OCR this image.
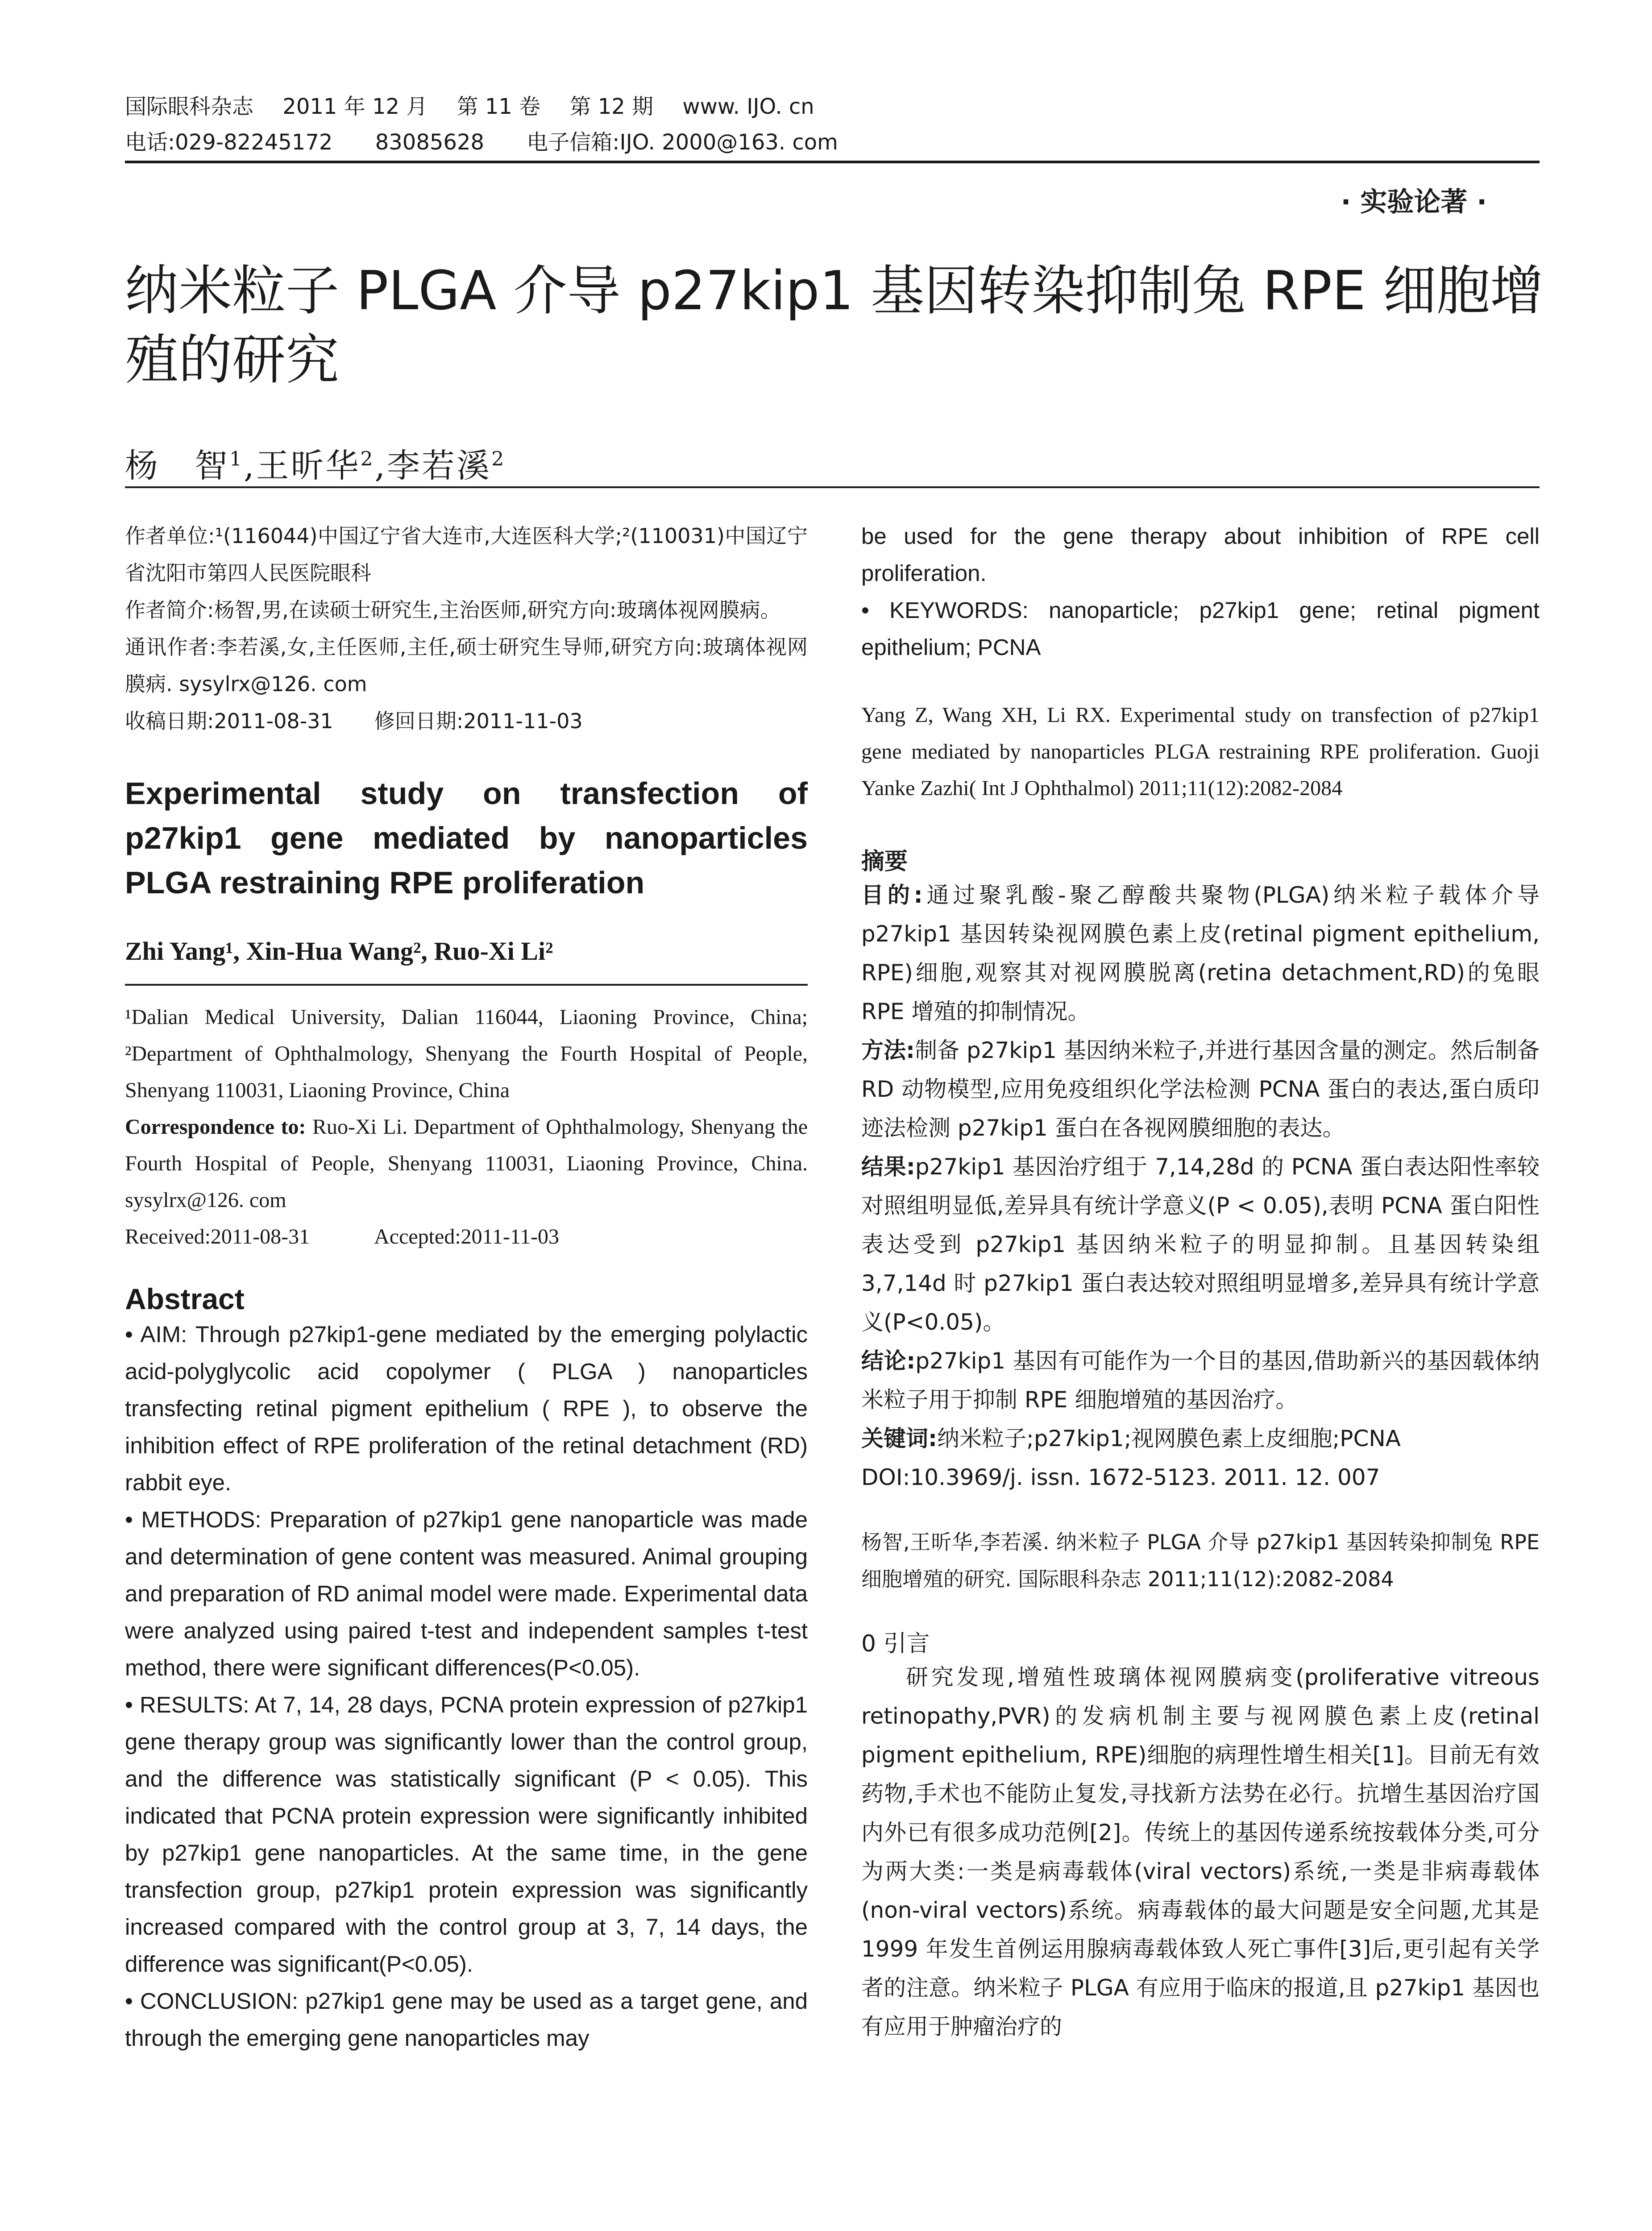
国际眼科杂志 2011 年 12 月 第 11 卷 第 12 期 www. IJO. cn
电话:029-82245172 83085628 电子信箱:IJO. 2000@163. com
· 实验论著 ·
纳米粒子 PLGA 介导 p27kip1 基因转染抑制兔 RPE 细胞增殖的研究
杨　智$^1$,王昕华$^2$,李若溪$^2$

作者单位:¹(116044)中国辽宁省大连市,大连医科大学;²(110031)中国辽宁省沈阳市第四人民医院眼科

作者简介:杨智,男,在读硕士研究生,主治医师,研究方向:玻璃体视网膜病。

通讯作者:李若溪,女,主任医师,主任,硕士研究生导师,研究方向:玻璃体视网膜病. sysylrx@126. com

收稿日期:2011-08-31　　修回日期:2011-11-03

Experimental study on transfection of p27kip1 gene mediated by nanoparticles PLGA restraining RPE proliferation

Zhi Yang¹, Xin-Hua Wang², Ruo-Xi Li²

¹Dalian Medical University, Dalian 116044, Liaoning Province, China; ²Department of Ophthalmology, Shenyang the Fourth Hospital of People, Shenyang 110031, Liaoning Province, China

Correspondence to: Ruo-Xi Li. Department of Ophthalmology, Shenyang the Fourth Hospital of People, Shenyang 110031, Liaoning Province, China. sysylrx@126. com

Received:2011-08-31　　　Accepted:2011-11-03

Abstract

• AIM: Through p27kip1-gene mediated by the emerging polylactic acid-polyglycolic acid copolymer ( PLGA ) nanoparticles transfecting retinal pigment epithelium ( RPE ), to observe the inhibition effect of RPE proliferation of the retinal detachment (RD) rabbit eye.

• METHODS: Preparation of p27kip1 gene nanoparticle was made and determination of gene content was measured. Animal grouping and preparation of RD animal model were made. Experimental data were analyzed using paired t-test and independent samples t-test method, there were significant differences(P<0.05).

• RESULTS: At 7, 14, 28 days, PCNA protein expression of p27kip1 gene therapy group was significantly lower than the control group, and the difference was statistically significant (P < 0.05). This indicated that PCNA protein expression were significantly inhibited by p27kip1 gene nanoparticles. At the same time, in the gene transfection group, p27kip1 protein expression was significantly increased compared with the control group at 3, 7, 14 days, the difference was significant(P<0.05).

• CONCLUSION: p27kip1 gene may be used as a target gene, and through the emerging gene nanoparticles may

be used for the gene therapy about inhibition of RPE cell proliferation.

• KEYWORDS: nanoparticle; p27kip1 gene; retinal pigment epithelium; PCNA

Yang Z, Wang XH, Li RX. Experimental study on transfection of p27kip1 gene mediated by nanoparticles PLGA restraining RPE proliferation. Guoji Yanke Zazhi( Int J Ophthalmol) 2011;11(12):2082-2084

摘要

目的:通过聚乳酸-聚乙醇酸共聚物(PLGA)纳米粒子载体介导 p27kip1 基因转染视网膜色素上皮(retinal pigment epithelium, RPE)细胞,观察其对视网膜脱离(retina detachment,RD)的兔眼 RPE 增殖的抑制情况。

方法:制备 p27kip1 基因纳米粒子,并进行基因含量的测定。然后制备 RD 动物模型,应用免疫组织化学法检测 PCNA 蛋白的表达,蛋白质印迹法检测 p27kip1 蛋白在各视网膜细胞的表达。

结果:p27kip1 基因治疗组于 7,14,28d 的 PCNA 蛋白表达阳性率较对照组明显低,差异具有统计学意义(P < 0.05),表明 PCNA 蛋白阳性表达受到 p27kip1 基因纳米粒子的明显抑制。且基因转染组 3,7,14d 时 p27kip1 蛋白表达较对照组明显增多,差异具有统计学意义(P<0.05)。

结论:p27kip1 基因有可能作为一个目的基因,借助新兴的基因载体纳米粒子用于抑制 RPE 细胞增殖的基因治疗。

关键词:纳米粒子;p27kip1;视网膜色素上皮细胞;PCNA

DOI:10.3969/j. issn. 1672-5123. 2011. 12. 007

杨智,王昕华,李若溪. 纳米粒子 PLGA 介导 p27kip1 基因转染抑制兔 RPE 细胞增殖的研究. 国际眼科杂志 2011;11(12):2082-2084

0 引言

研究发现,增殖性玻璃体视网膜病变(proliferative vitreous retinopathy,PVR)的发病机制主要与视网膜色素上皮(retinal pigment epithelium, RPE)细胞的病理性增生相关[1]。目前无有效药物,手术也不能防止复发,寻找新方法势在必行。抗增生基因治疗国内外已有很多成功范例[2]。传统上的基因传递系统按载体分类,可分为两大类:一类是病毒载体(viral vectors)系统,一类是非病毒载体(non-viral vectors)系统。病毒载体的最大问题是安全问题,尤其是 1999 年发生首例运用腺病毒载体致人死亡事件[3]后,更引起有关学者的注意。纳米粒子 PLGA 有应用于临床的报道,且 p27kip1 基因也有应用于肿瘤治疗的
